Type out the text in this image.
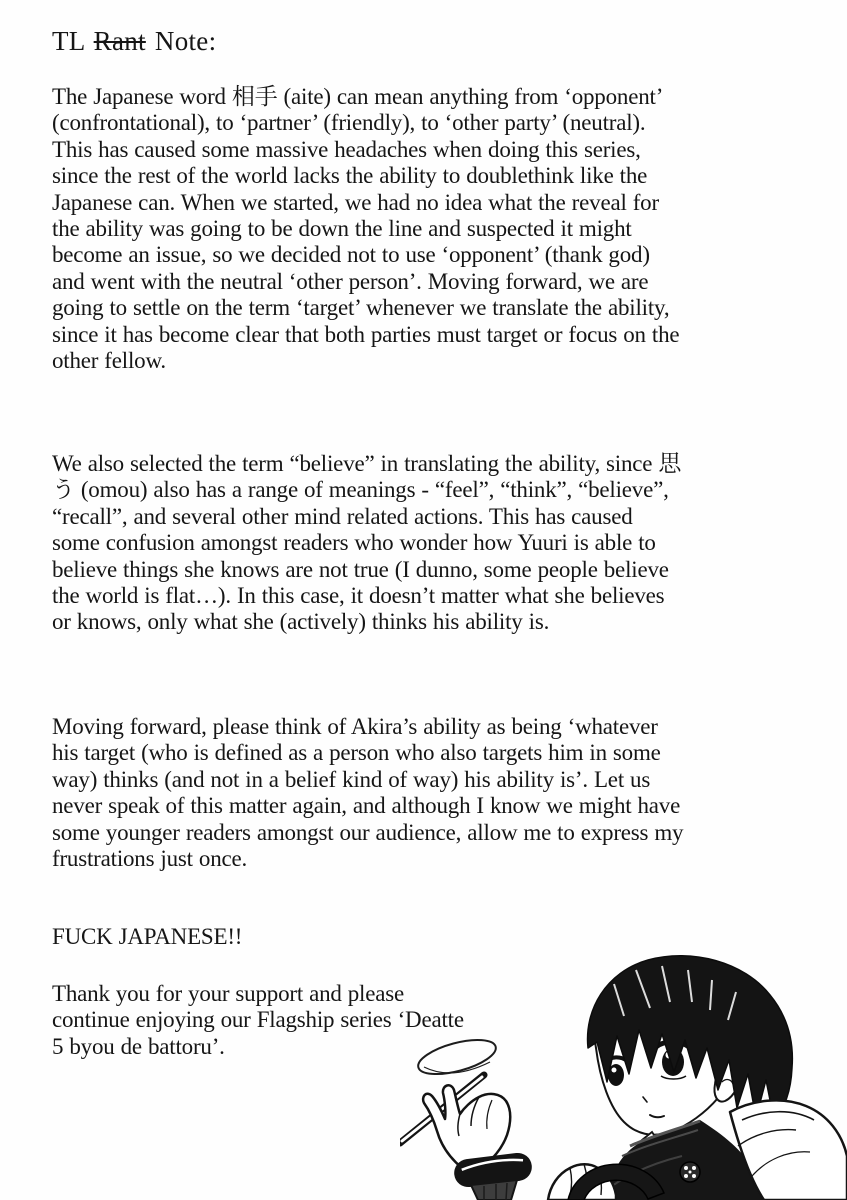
TL Rant Note:

The Japanese word 相手 (aite) can mean anything from ‘opponent’ (confrontational), to ‘partner’ (friendly), to ‘other party’ (neutral). This has caused some massive headaches when doing this series, since the rest of the world lacks the ability to doublethink like the Japanese can. When we started, we had no idea what the reveal for the ability was going to be down the line and suspected it might become an issue, so we decided not to use ‘opponent’ (thank god) and went with the neutral ‘other person’. Moving forward, we are going to settle on the term ‘target’ whenever we translate the ability, since it has become clear that both parties must target or focus on the other fellow.

We also selected the term “believe” in translating the ability, since 思う (omou) also has a range of meanings - “feel”, “think”, “believe”, “recall”, and several other mind related actions. This has caused some confusion amongst readers who wonder how Yuuri is able to believe things she knows are not true (I dunno, some people believe the world is flat…). In this case, it doesn’t matter what she believes or knows, only what she (actively) thinks his ability is.

Moving forward, please think of Akira’s ability as being ‘whatever his target (who is defined as a person who also targets him in some way) thinks (and not in a belief kind of way) his ability is’. Let us never speak of this matter again, and although I know we might have some younger readers amongst our audience, allow me to express my frustrations just once.

FUCK JAPANESE!!

Thank you for your support and please continue enjoying our Flagship series ‘Deatte 5 byou de battoru’.
